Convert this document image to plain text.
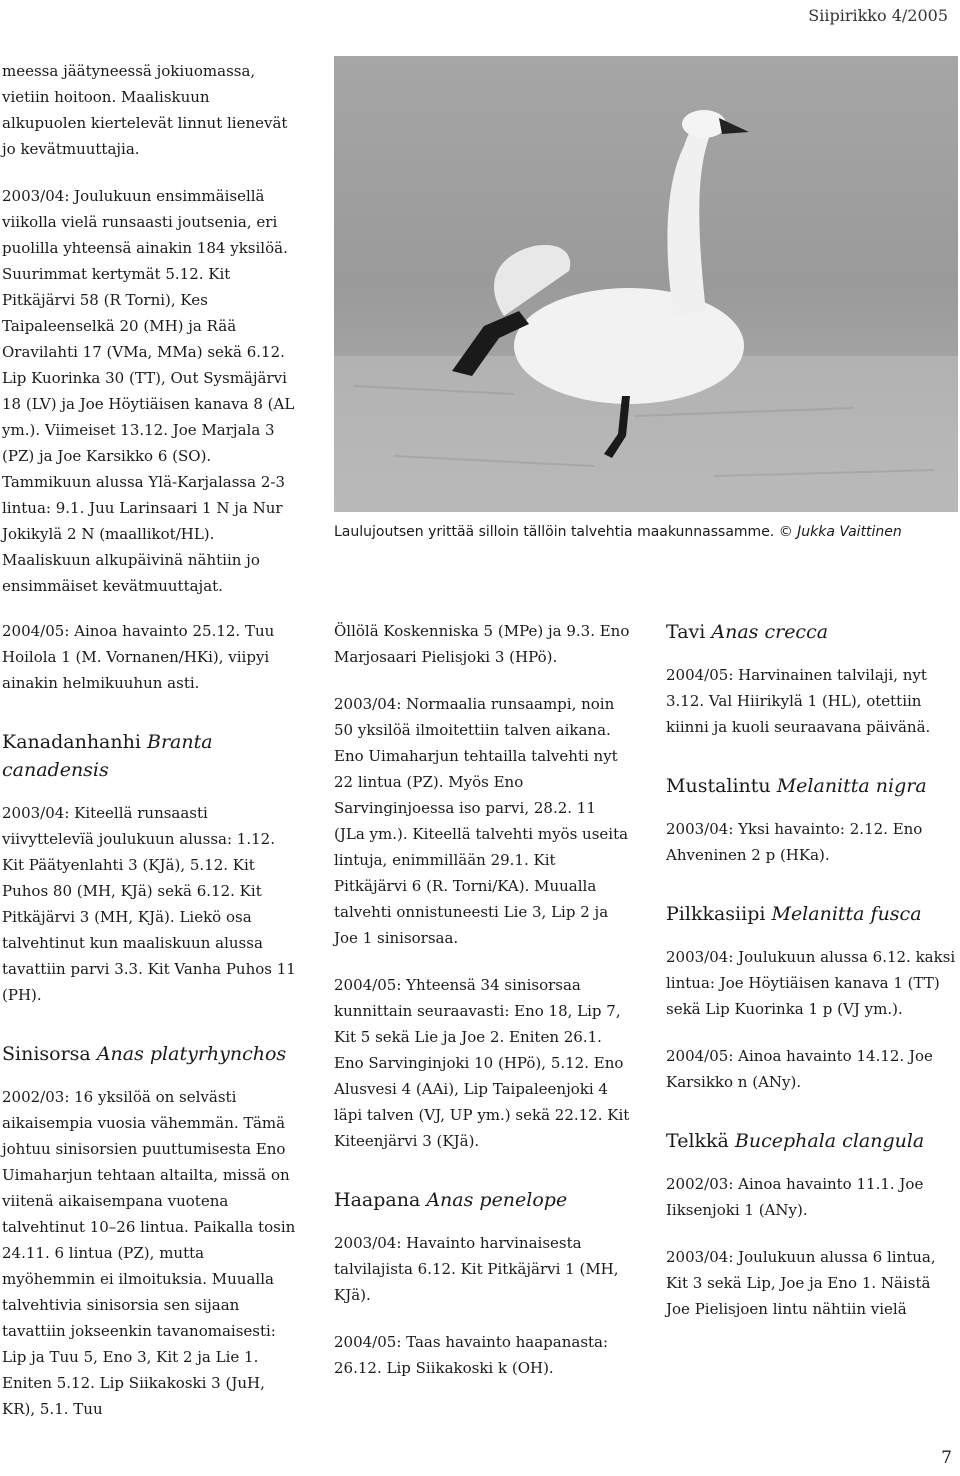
Siipirikko 4/2005

meessa jäätyneessä jokiuomassa, vietiin hoitoon. Maaliskuun alkupuolen kiertelevät linnut lienevät jo kevätmuuttajia.

2003/04: Joulukuun ensimmäisellä viikolla vielä runsaasti joutsenia, eri puolilla yhteensä ainakin 184 yksilöä. Suurimmat kertymät 5.12. Kit Pitkäjärvi 58 (R Torni), Kes Taipaleenselkä 20 (MH) ja Rää Oravilahti 17 (VMa, MMa) sekä 6.12. Lip Kuorinka 30 (TT), Out Sysmäjärvi 18 (LV) ja Joe Höytiäisen kanava 8 (AL ym.). Viimeiset 13.12. Joe Marjala 3 (PZ) ja Joe Karsikko 6 (SO). Tammikuun alussa Ylä-Karjalassa 2-3 lintua: 9.1. Juu Larinsaari 1 N ja Nur Jokikylä 2 N (maallikot/HL). Maaliskuun alkupäivinä nähtiin jo ensimmäiset kevätmuuttajat.

Laulujoutsen yrittää silloin tällöin talvehtia maakunnassamme. © Jukka Vaittinen

2004/05: Ainoa havainto 25.12. Tuu Hoilola 1 (M. Vornanen/HKi), viipyi ainakin helmikuuhun asti.

Kanadanhanhi Branta canadensis

2003/04: Kiteellä runsaasti viivyttelevïä joulukuun alussa: 1.12. Kit Päätyenlahti 3 (KJä), 5.12. Kit Puhos 80 (MH, KJä) sekä 6.12. Kit Pitkäjärvi 3 (MH, KJä). Liekö osa talvehtinut kun maaliskuun alussa tavattiin parvi 3.3. Kit Vanha Puhos 11 (PH).

Sinisorsa Anas platyrhynchos

2002/03: 16 yksilöä on selvästi aikaisempia vuosia vähemmän. Tämä johtuu sinisorsien puuttumisesta Eno Uimaharjun tehtaan altailta, missä on viitenä aikaisempana vuotena talvehtinut 10–26 lintua. Paikalla tosin 24.11. 6 lintua (PZ), mutta myöhemmin ei ilmoituksia. Muualla talvehtivia sinisorsia sen sijaan tavattiin jokseenkin tavanomaisesti: Lip ja Tuu 5, Eno 3, Kit 2 ja Lie 1. Eniten 5.12. Lip Siikakoski 3 (JuH, KR), 5.1. Tuu

Öllölä Koskenniska 5 (MPe) ja 9.3. Eno Marjosaari Pielisjoki 3 (HPö).

2003/04: Normaalia runsaampi, noin 50 yksilöä ilmoitettiin talven aikana. Eno Uimaharjun tehtailla talvehti nyt 22 lintua (PZ). Myös Eno Sarvinginjoessa iso parvi, 28.2. 11 (JLa ym.). Kiteellä talvehti myös useita lintuja, enimmillään 29.1. Kit Pitkäjärvi 6 (R. Torni/KA). Muualla talvehti onnistuneesti Lie 3, Lip 2 ja Joe 1 sinisorsaa.

2004/05: Yhteensä 34 sinisorsaa kunnittain seuraavasti: Eno 18, Lip 7, Kit 5 sekä Lie ja Joe 2. Eniten 26.1. Eno Sarvinginjoki 10 (HPö), 5.12. Eno Alusvesi 4 (AAi), Lip Taipaleenjoki 4 läpi talven (VJ, UP ym.) sekä 22.12. Kit Kiteenjärvi 3 (KJä).

Haapana Anas penelope

2003/04: Havainto harvinaisesta talvilajista 6.12. Kit Pitkäjärvi 1 (MH, KJä).

2004/05: Taas havainto haapanasta: 26.12. Lip Siikakoski k (OH).

Tavi Anas crecca

2004/05: Harvinainen talvilaji, nyt 3.12. Val Hiirikylä 1 (HL), otettiin kiinni ja kuoli seuraavana päivänä.

Mustalintu Melanitta nigra

2003/04: Yksi havainto: 2.12. Eno Ahveninen 2 p (HKa).

Pilkkasiipi Melanitta fusca

2003/04: Joulukuun alussa 6.12. kaksi lintua: Joe Höytiäisen kanava 1 (TT) sekä Lip Kuorinka 1 p (VJ ym.).

2004/05: Ainoa havainto 14.12. Joe Karsikko n (ANy).

Telkkä Bucephala clangula

2002/03: Ainoa havainto 11.1. Joe Iiksenjoki 1 (ANy).

2003/04: Joulukuun alussa 6 lintua, Kit 3 sekä Lip, Joe ja Eno 1. Näistä Joe Pielisjoen lintu nähtiin vielä

7
